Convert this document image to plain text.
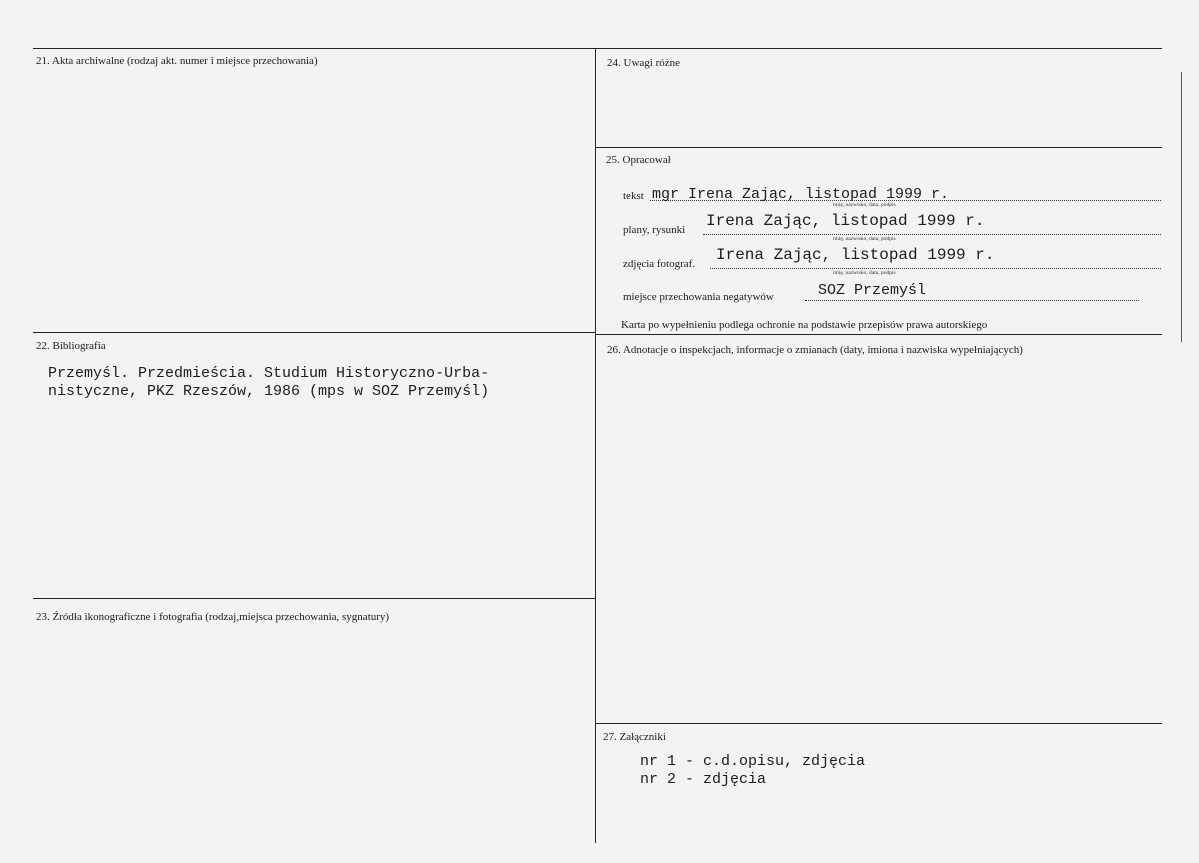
21. Akta archiwalne (rodzaj akt. numer i miejsce przechowania)	24. Uwagi różne
25. Opracował
tekst mgr Irena Zając, listopad 1999 r.
imię, nazwisko, data, podpis
plany, rysunki Irena Zając, listopad 1999 r.
imię, nazwisko, data, podpis
zdjęcia fotograf. Irena Zając, listopad 1999 r.
imię, nazwisko, data, podpis
miejsce przechowania negatywów	SOZ Przemyśl
Karta po wypełnieniu podlega ochronie na podstawie przepisów prawa autorskiego
22. Bibliografia
Przemyśl. Przedmieścia. Studium Historyczno-Urba-
nistyczne, PKZ Rzeszów, 1986 (mps w SOZ Przemyśl)
26. Adnotacje o inspekcjach, informacje o zmianach (daty, imiona i nazwiska wypełniających)
23. Źródła ikonograficzne i fotografia (rodzaj,miejsca przechowania, sygnatury)
27. Załączniki
nr 1 - c.d.opisu, zdjęcia
nr 2 - zdjęcia
